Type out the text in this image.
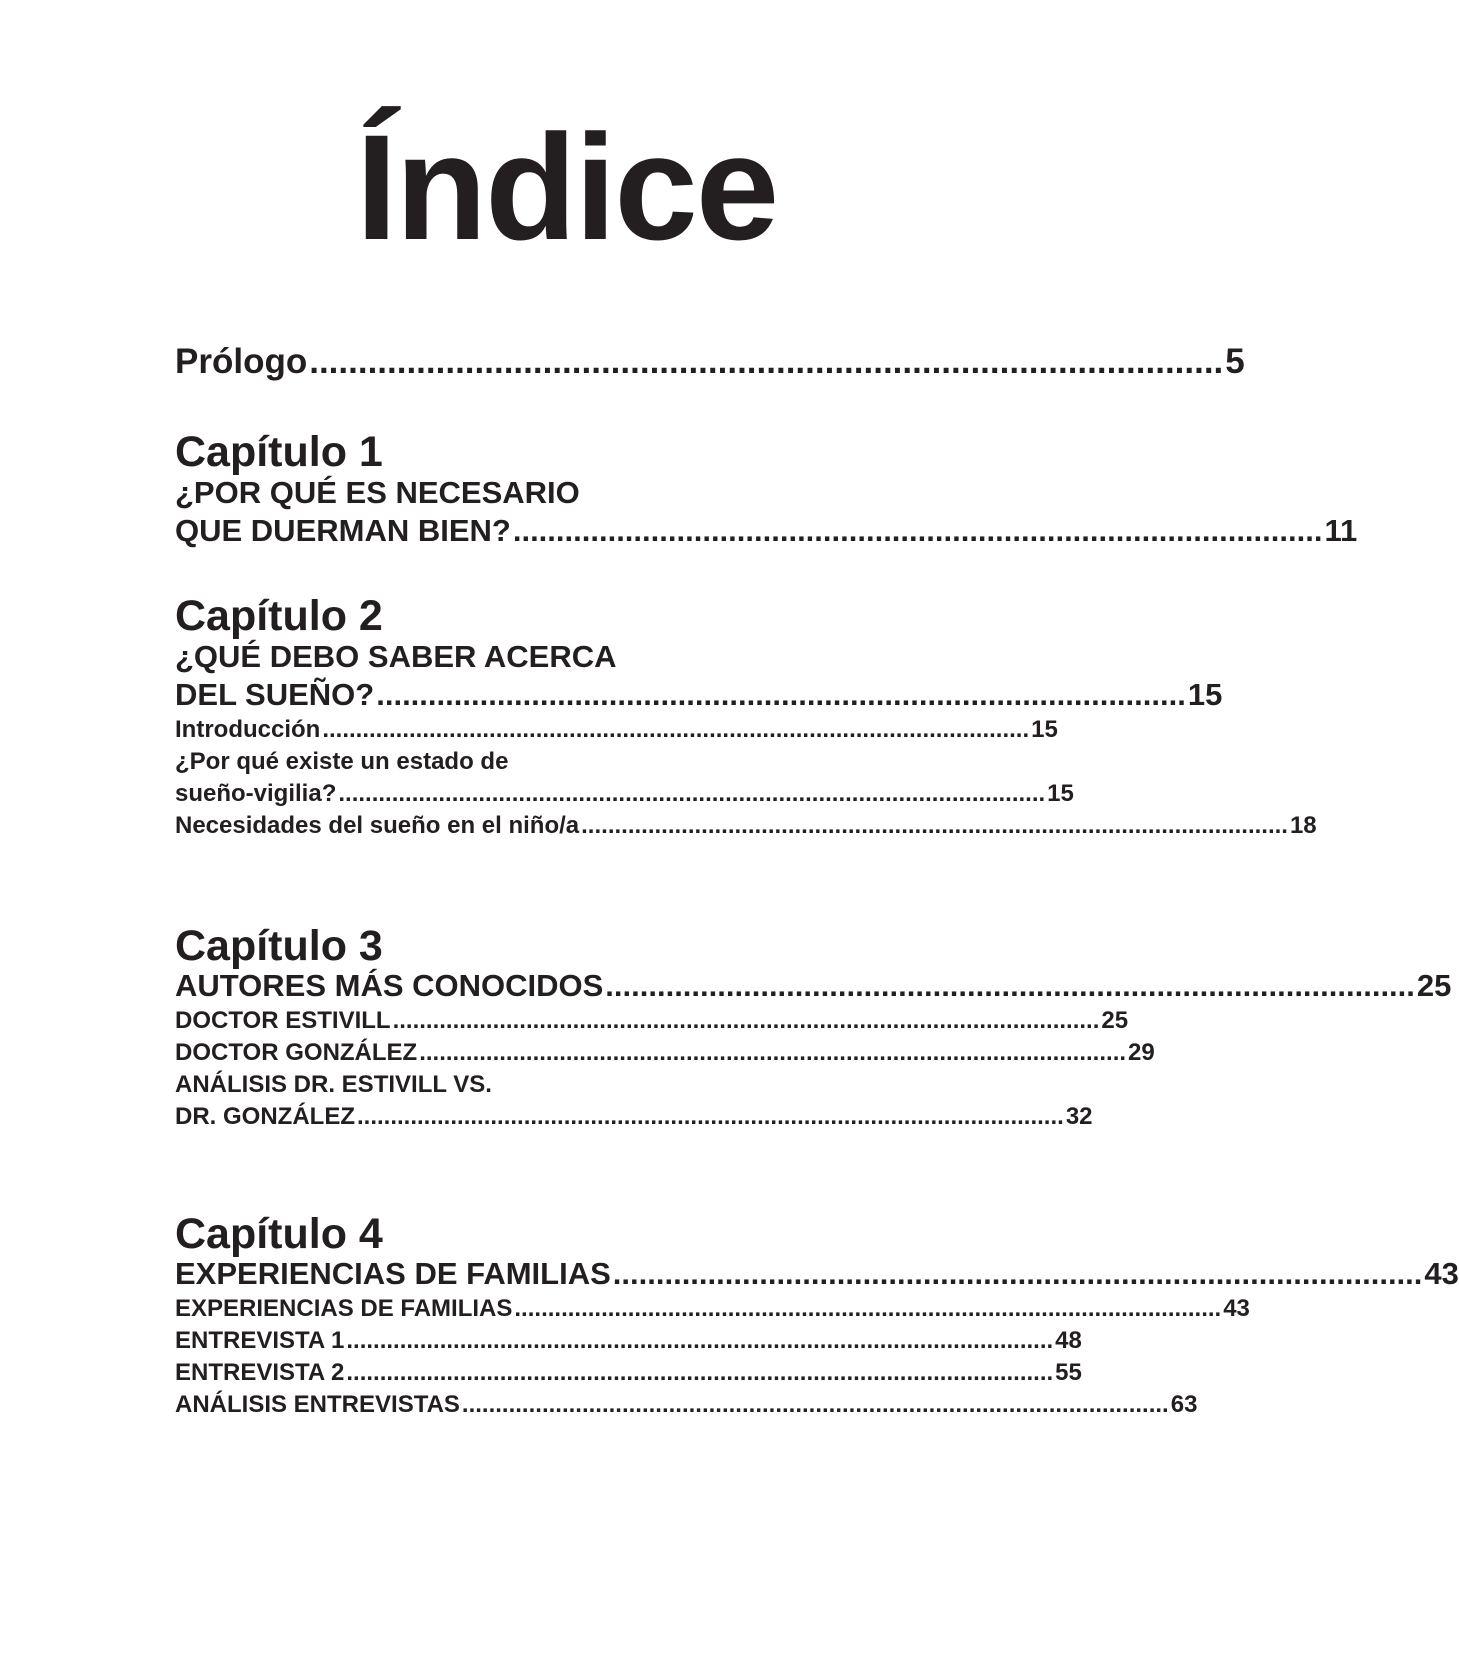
Índice
Prólogo .............................................................................................. 5
Capítulo 1
¿POR QUÉ ES NECESARIO
QUE DUERMAN BIEN? .............................................................................................. 11
Capítulo 2
¿QUÉ DEBO SABER ACERCA
DEL SUEÑO? .............................................................................................. 15
Introducción .......................................................................................................... 15
¿Por qué existe un estado de
sueño-vigilia? .......................................................................................................... 15
Necesidades del sueño en el niño/a .......................................................................................................... 18
Capítulo 3
AUTORES MÁS CONOCIDOS .............................................................................................. 25
DOCTOR ESTIVILL .......................................................................................................... 25
DOCTOR GONZÁLEZ .......................................................................................................... 29
ANÁLISIS DR. ESTIVILL VS.
DR. GONZÁLEZ .......................................................................................................... 32
Capítulo 4
EXPERIENCIAS DE FAMILIAS .............................................................................................. 43
EXPERIENCIAS DE FAMILIAS .......................................................................................................... 43
ENTREVISTA 1 .......................................................................................................... 48
ENTREVISTA 2 .......................................................................................................... 55
ANÁLISIS ENTREVISTAS .......................................................................................................... 63
